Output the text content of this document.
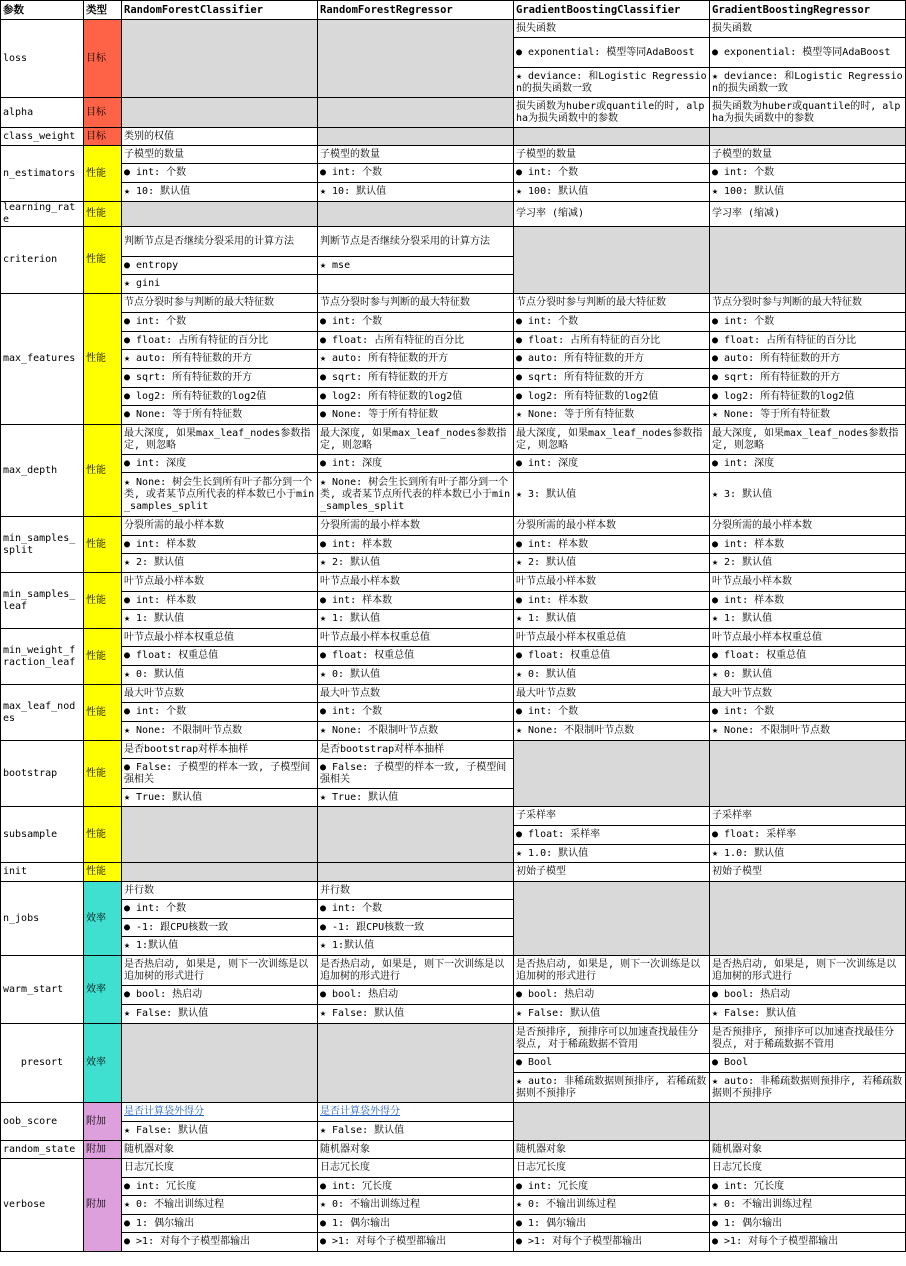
参数	类型	RandomForestClassifier	RandomForestRegressor	GradientBoostingClassifier	GradientBoostingRegressor
loss	目标			损失函数	损失函数
				● exponential: 模型等同AdaBoost	● exponential: 模型等同AdaBoost
				★ deviance: 和Logistic Regression的损失函数一致	★ deviance: 和Logistic Regression的损失函数一致
alpha	目标			损失函数为huber或quantile的时, alpha为损失函数中的参数	损失函数为huber或quantile的时, alpha为损失函数中的参数
class_weight	目标	类别的权值			
n_estimators	性能	子模型的数量	子模型的数量	子模型的数量	子模型的数量
		● int: 个数	● int: 个数	● int: 个数	● int: 个数
		★ 10: 默认值	★ 10: 默认值	★ 100: 默认值	★ 100: 默认值
learning_rate	性能			学习率 (缩减)	学习率 (缩减)
criterion	性能	判断节点是否继续分裂采用的计算方法	判断节点是否继续分裂采用的计算方法		
		● entropy	★ mse		
		★ gini			
max_features	性能	节点分裂时参与判断的最大特征数	节点分裂时参与判断的最大特征数	节点分裂时参与判断的最大特征数	节点分裂时参与判断的最大特征数
		● int: 个数	● int: 个数	● int: 个数	● int: 个数
		● float: 占所有特征的百分比	● float: 占所有特征的百分比	● float: 占所有特征的百分比	● float: 占所有特征的百分比
		★ auto: 所有特征数的开方	★ auto: 所有特征数的开方	● auto: 所有特征数的开方	● auto: 所有特征数的开方
		● sqrt: 所有特征数的开方	● sqrt: 所有特征数的开方	● sqrt: 所有特征数的开方	● sqrt: 所有特征数的开方
		● log2: 所有特征数的log2值	● log2: 所有特征数的log2值	● log2: 所有特征数的log2值	● log2: 所有特征数的log2值
		● None: 等于所有特征数	● None: 等于所有特征数	★ None: 等于所有特征数	★ None: 等于所有特征数
max_depth	性能	最大深度, 如果max_leaf_nodes参数指定, 则忽略	最大深度, 如果max_leaf_nodes参数指定, 则忽略	最大深度, 如果max_leaf_nodes参数指定, 则忽略	最大深度, 如果max_leaf_nodes参数指定, 则忽略
		● int: 深度	● int: 深度	● int: 深度	● int: 深度
		★ None: 树会生长到所有叶子都分到一个类, 或者某节点所代表的样本数已小于min_samples_split	★ None: 树会生长到所有叶子都分到一个类, 或者某节点所代表的样本数已小于min_samples_split	★ 3: 默认值	★ 3: 默认值
min_samples_split	性能	分裂所需的最小样本数	分裂所需的最小样本数	分裂所需的最小样本数	分裂所需的最小样本数
		● int: 样本数	● int: 样本数	● int: 样本数	● int: 样本数
		★ 2: 默认值	★ 2: 默认值	★ 2: 默认值	★ 2: 默认值
min_samples_leaf	性能	叶节点最小样本数	叶节点最小样本数	叶节点最小样本数	叶节点最小样本数
		● int: 样本数	● int: 样本数	● int: 样本数	● int: 样本数
		★ 1: 默认值	★ 1: 默认值	★ 1: 默认值	★ 1: 默认值
min_weight_fraction_leaf	性能	叶节点最小样本权重总值	叶节点最小样本权重总值	叶节点最小样本权重总值	叶节点最小样本权重总值
		● float: 权重总值	● float: 权重总值	● float: 权重总值	● float: 权重总值
		★ 0: 默认值	★ 0: 默认值	★ 0: 默认值	★ 0: 默认值
max_leaf_nodes	性能	最大叶节点数	最大叶节点数	最大叶节点数	最大叶节点数
		● int: 个数	● int: 个数	● int: 个数	● int: 个数
		★ None: 不限制叶节点数	★ None: 不限制叶节点数	★ None: 不限制叶节点数	★ None: 不限制叶节点数
bootstrap	性能	是否bootstrap对样本抽样	是否bootstrap对样本抽样		
		● False: 子模型的样本一致, 子模型间强相关	● False: 子模型的样本一致, 子模型间强相关		
		★ True: 默认值	★ True: 默认值		
subsample	性能			子采样率	子采样率
				● float: 采样率	● float: 采样率
				★ 1.0: 默认值	★ 1.0: 默认值
init	性能			初始子模型	初始子模型
n_jobs	效率	并行数	并行数		
		● int: 个数	● int: 个数		
		● -1: 跟CPU核数一致	● -1: 跟CPU核数一致		
		★ 1:默认值	★ 1:默认值		
warm_start	效率	是否热启动, 如果是, 则下一次训练是以追加树的形式进行	是否热启动, 如果是, 则下一次训练是以追加树的形式进行	是否热启动, 如果是, 则下一次训练是以追加树的形式进行	是否热启动, 如果是, 则下一次训练是以追加树的形式进行
		● bool: 热启动	● bool: 热启动	● bool: 热启动	● bool: 热启动
		★ False: 默认值	★ False: 默认值	★ False: 默认值	★ False: 默认值
presort	效率			是否预排序, 预排序可以加速查找最佳分裂点, 对于稀疏数据不管用	是否预排序, 预排序可以加速查找最佳分裂点, 对于稀疏数据不管用
				● Bool	● Bool
				★ auto: 非稀疏数据则预排序, 若稀疏数据则不预排序	★ auto: 非稀疏数据则预排序, 若稀疏数据则不预排序
oob_score	附加	是否计算袋外得分	是否计算袋外得分		
		★ False: 默认值	★ False: 默认值		
random_state	附加	随机器对象	随机器对象	随机器对象	随机器对象
verbose	附加	日志冗长度	日志冗长度	日志冗长度	日志冗长度
		● int: 冗长度	● int: 冗长度	● int: 冗长度	● int: 冗长度
		★ 0: 不输出训练过程	★ 0: 不输出训练过程	★ 0: 不输出训练过程	★ 0: 不输出训练过程
		● 1: 偶尔输出	● 1: 偶尔输出	● 1: 偶尔输出	● 1: 偶尔输出
		● >1: 对每个子模型都输出	● >1: 对每个子模型都输出	● >1: 对每个子模型都输出	● >1: 对每个子模型都输出
